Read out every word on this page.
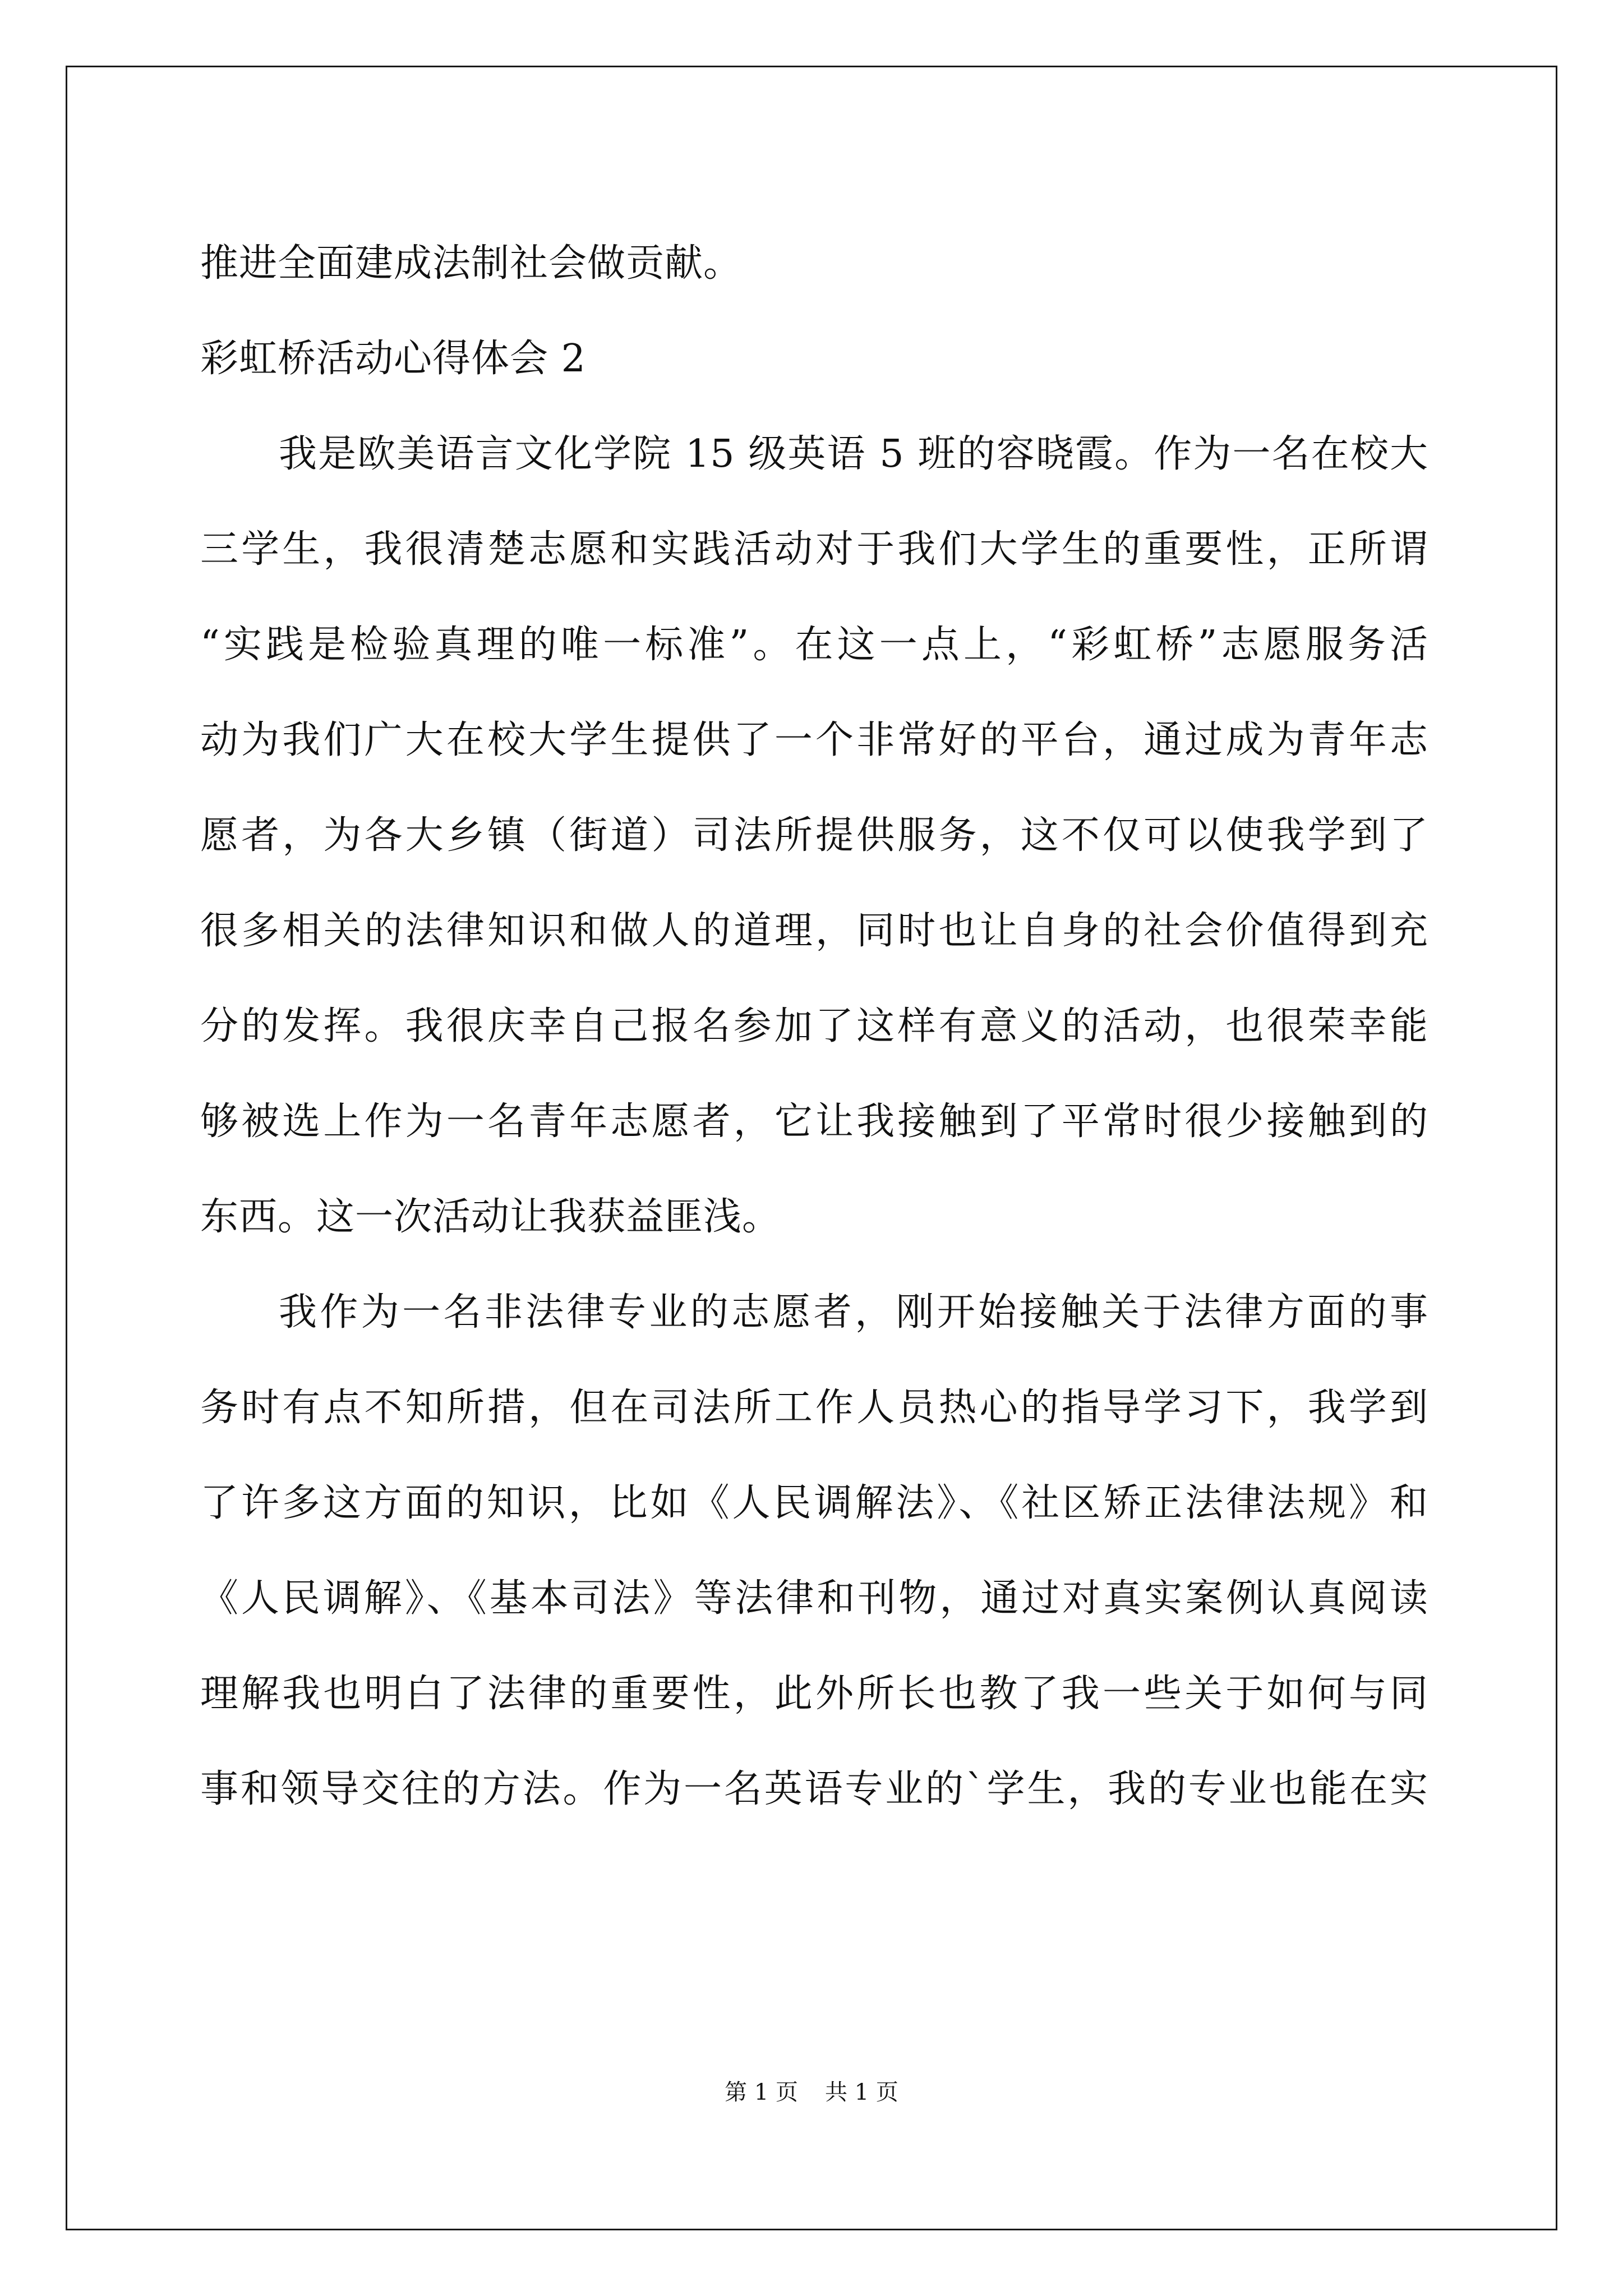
推进全面建成法制社会做贡献。
彩虹桥活动心得体会 2
我是欧美语言文化学院 15 级英语 5 班的容晓霞。作为一名在校大
三学生，我很清楚志愿和实践活动对于我们大学生的重要性，正所谓
“实践是检验真理的唯一标准”。在这一点上，“彩虹桥”志愿服务活
动为我们广大在校大学生提供了一个非常好的平台，通过成为青年志
愿者，为各大乡镇（街道）司法所提供服务，这不仅可以使我学到了
很多相关的法律知识和做人的道理，同时也让自身的社会价值得到充
分的发挥。我很庆幸自己报名参加了这样有意义的活动，也很荣幸能
够被选上作为一名青年志愿者，它让我接触到了平常时很少接触到的
东西。这一次活动让我获益匪浅。
我作为一名非法律专业的志愿者，刚开始接触关于法律方面的事
务时有点不知所措，但在司法所工作人员热心的指导学习下，我学到
了许多这方面的知识，比如《人民调解法》、《社区矫正法律法规》和
《人民调解》、《基本司法》等法律和刊物，通过对真实案例认真阅读
理解我也明白了法律的重要性，此外所长也教了我一些关于如何与同
事和领导交往的方法。作为一名英语专业的`学生，我的专业也能在实
第 1 页 共 1 页
